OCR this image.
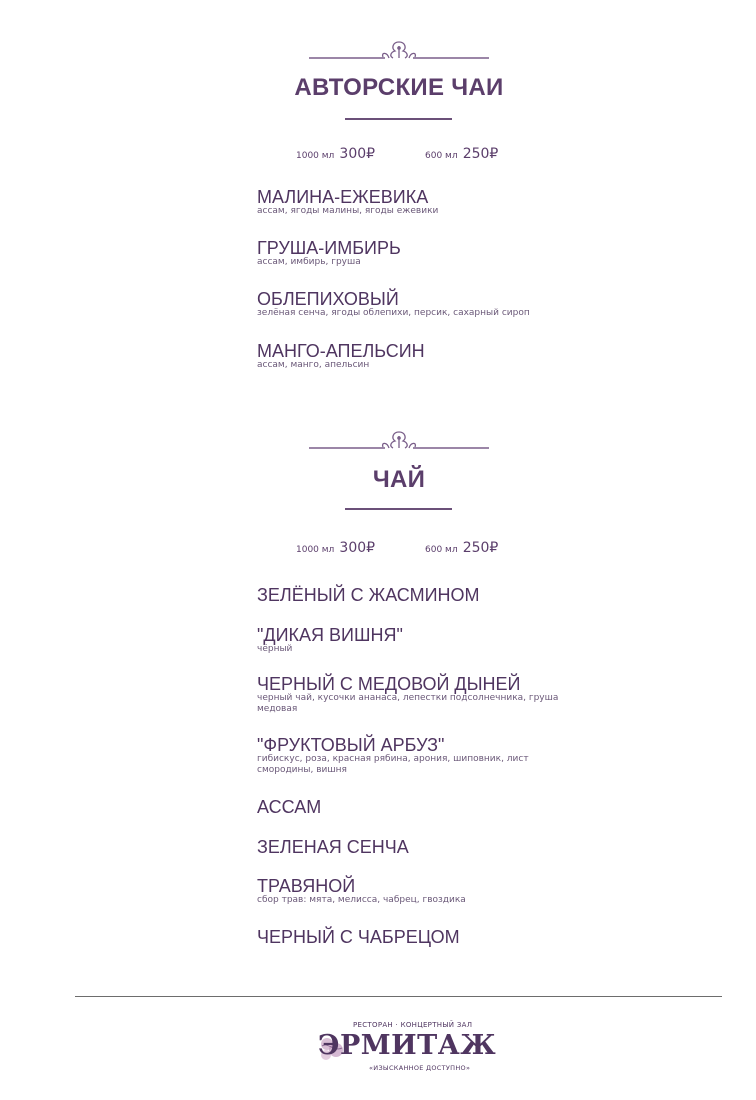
АВТОРСКИЕ ЧАИ
1000 мл 300₽	600 мл 250₽
МАЛИНА-ЕЖЕВИКА
ассам, ягоды малины, ягоды ежевики
ГРУША-ИМБИРЬ
ассам, имбирь, груша
ОБЛЕПИХОВЫЙ
зелёная сенча, ягоды облепихи, персик, сахарный сироп
МАНГО-АПЕЛЬСИН
ассам, манго, апельсин
ЧАЙ
1000 мл 300₽	600 мл 250₽
ЗЕЛЁНЫЙ С ЖАСМИНОМ
"ДИКАЯ ВИШНЯ"
чёрный
ЧЕРНЫЙ С МЕДОВОЙ ДЫНЕЙ
черный чай, кусочки ананаса, лепестки подсолнечника, груша медовая
"ФРУКТОВЫЙ АРБУЗ"
гибискус, роза, красная рябина, арония, шиповник, лист смородины, вишня
АССАМ
ЗЕЛЕНАЯ СЕНЧА
ТРАВЯНОЙ
сбор трав: мята, мелисса, чабрец, гвоздика
ЧЕРНЫЙ С ЧАБРЕЦОМ
РЕСТОРАН · КОНЦЕРТНЫЙ ЗАЛ
ЭРМИТАЖ
«ИЗЫСКАННОЕ ДОСТУПНО»
